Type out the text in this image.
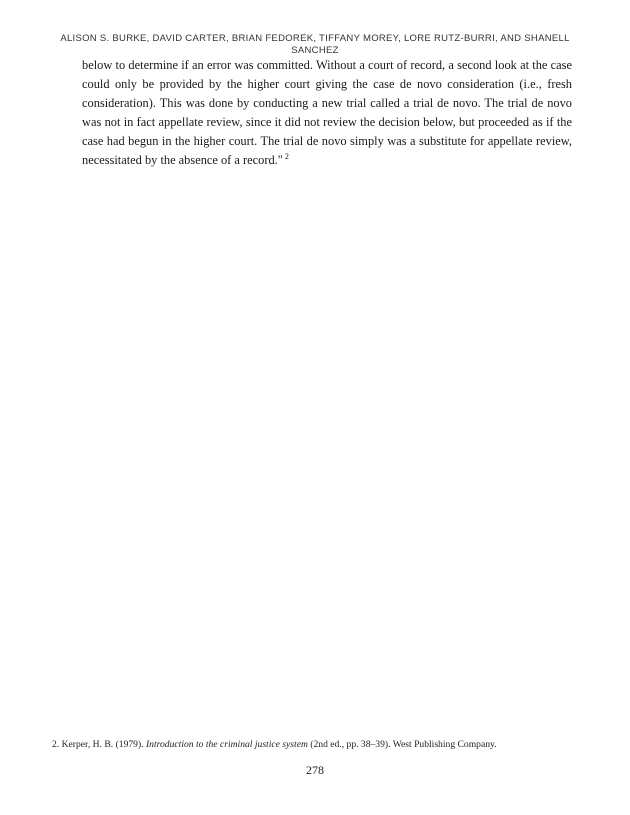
ALISON S. BURKE, DAVID CARTER, BRIAN FEDOREK, TIFFANY MOREY, LORE RUTZ-BURRI, AND SHANELL SANCHEZ

below to determine if an error was committed. Without a court of record, a second look at the case could only be provided by the higher court giving the case de novo consideration (i.e., fresh consideration). This was done by conducting a new trial called a trial de novo. The trial de novo was not in fact appellate review, since it did not review the decision below, but proceeded as if the case had begun in the higher court. The trial de novo simply was a substitute for appellate review, necessitated by the absence of a record." $^2$

2. Kerper, H. B. (1979). Introduction to the criminal justice system (2nd ed., pp. 38–39). West Publishing Company.
278
